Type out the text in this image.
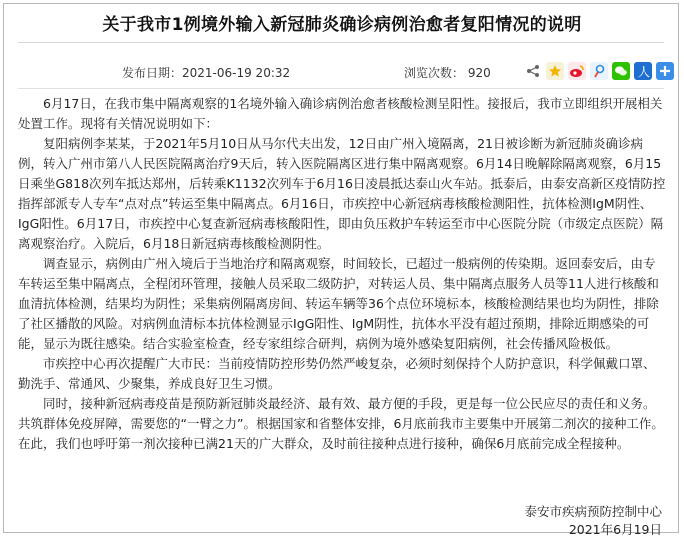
关于我市1例境外输入新冠肺炎确诊病例治愈者复阳情况的说明
发布日期：2021-06-19 20:32	浏览次数： 920	人

6月17日，在我市集中隔离观察的1名境外输入确诊病例治愈者核酸检测呈阳性。接报后，我市立即组织开展相关处置工作。现将有关情况说明如下：

复阳病例李某某，于2021年5月10日从马尔代夫出发，12日由广州入境隔离，21日被诊断为新冠肺炎确诊病例，转入广州市第八人民医院隔离治疗9天后，转入医院隔离区进行集中隔离观察。6月14日晚解除隔离观察，6月15日乘坐G818次列车抵达郑州，后转乘K1132次列车于6月16日凌晨抵达泰山火车站。抵泰后，由泰安高新区疫情防控指挥部派专人专车“点对点”转运至集中隔离点。6月16日，市疾控中心新冠病毒核酸检测阳性，抗体检测IgM阴性、IgG阳性。6月17日，市疾控中心复查新冠病毒核酸阳性，即由负压救护车转运至市中心医院分院（市级定点医院）隔离观察治疗。入院后，6月18日新冠病毒核酸检测阴性。

调查显示，病例由广州入境后于当地治疗和隔离观察，时间较长，已超过一般病例的传染期。返回泰安后，由专车转运至集中隔离点，全程闭环管理，接触人员采取二级防护，对转运人员、集中隔离点服务人员等11人进行核酸和血清抗体检测，结果均为阴性；采集病例隔离房间、转运车辆等36个点位环境标本，核酸检测结果也均为阴性，排除了社区播散的风险。对病例血清标本抗体检测显示IgG阳性、IgM阴性，抗体水平没有超过预期，排除近期感染的可能，显示为既往感染。结合实验室检查，经专家组综合研判，病例为境外感染复阳病例，社会传播风险极低。

市疾控中心再次提醒广大市民：当前疫情防控形势仍然严峻复杂，必须时刻保持个人防护意识，科学佩戴口罩、勤洗手、常通风、少聚集，养成良好卫生习惯。

同时，接种新冠病毒疫苗是预防新冠肺炎最经济、最有效、最方便的手段，更是每一位公民应尽的责任和义务。共筑群体免疫屏障，需要您的“一臂之力”。根据国家和省整体安排，6月底前我市主要集中开展第二剂次的接种工作。在此，我们也呼吁第一剂次接种已满21天的广大群众，及时前往接种点进行接种，确保6月底前完成全程接种。

泰安市疾病预防控制中心
2021年6月19日
